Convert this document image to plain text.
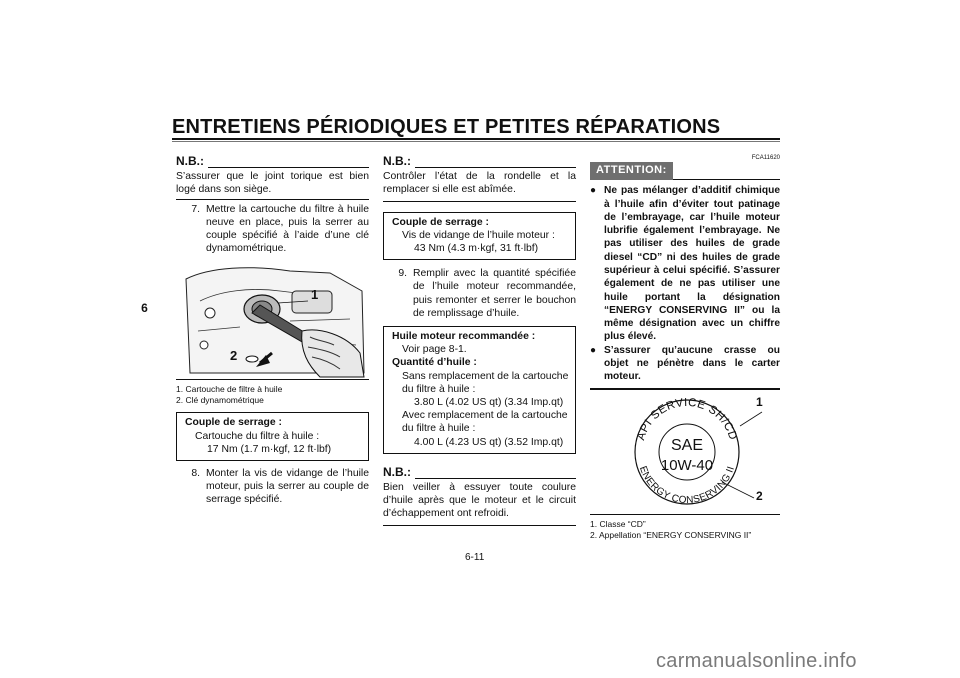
ENTRETIENS PÉRIODIQUES ET PETITES RÉPARATIONS
6
N.B.:

S’assurer que le joint torique est bien logé dans son siège.

7. Mettre la cartouche du filtre à huile neuve en place, puis la serrer au couple spécifié à l’aide d’une clé dynamométrique.
1
2
1. Cartouche de filtre à huile
2. Clé dynamométrique
Couple de serrage :
Cartouche du filtre à huile :
17 Nm (1.7 m·kgf, 12 ft·lbf)
8. Monter la vis de vidange de l’huile moteur, puis la serrer au couple de serrage spécifié.
N.B.:

Contrôler l’état de la rondelle et la remplacer si elle est abîmée.

Couple de serrage :
Vis de vidange de l’huile moteur :
43 Nm (4.3 m·kgf, 31 ft·lbf)
9. Remplir avec la quantité spécifiée de l’huile moteur recommandée, puis remonter et serrer le bouchon de remplissage d’huile.
Huile moteur recommandée :
Voir page 8-1.
Quantité d’huile :
Sans remplacement de la cartouche du filtre à huile :
3.80 L (4.02 US qt) (3.34 Imp.qt)
Avec remplacement de la cartouche du filtre à huile :
4.00 L (4.23 US qt) (3.52 Imp.qt)
N.B.:

Bien veiller à essuyer toute coulure d’huile après que le moteur et le circuit d’échappement ont refroidi.

FCA11620
ATTENTION:
● Ne pas mélanger d’additif chimique à l’huile afin d’éviter tout patinage de l’embrayage, car l’huile moteur lubrifie également l’embrayage. Ne pas utiliser des huiles de grade diesel “CD” ni des huiles de grade supérieur à celui spécifié. S’assurer également de ne pas utiliser une huile portant la désignation “ENERGY CONSERVING II” ou la même désignation avec un chiffre plus élevé.
● S’assurer qu’aucune crasse ou objet ne pénètre dans le carter moteur.
API SERVICE SH/CD
ENERGY CONSERVING II
SAE
10W-40
1
2
1. Classe “CD”
2. Appellation “ENERGY CONSERVING II”
6-11
carmanualsonline.info
